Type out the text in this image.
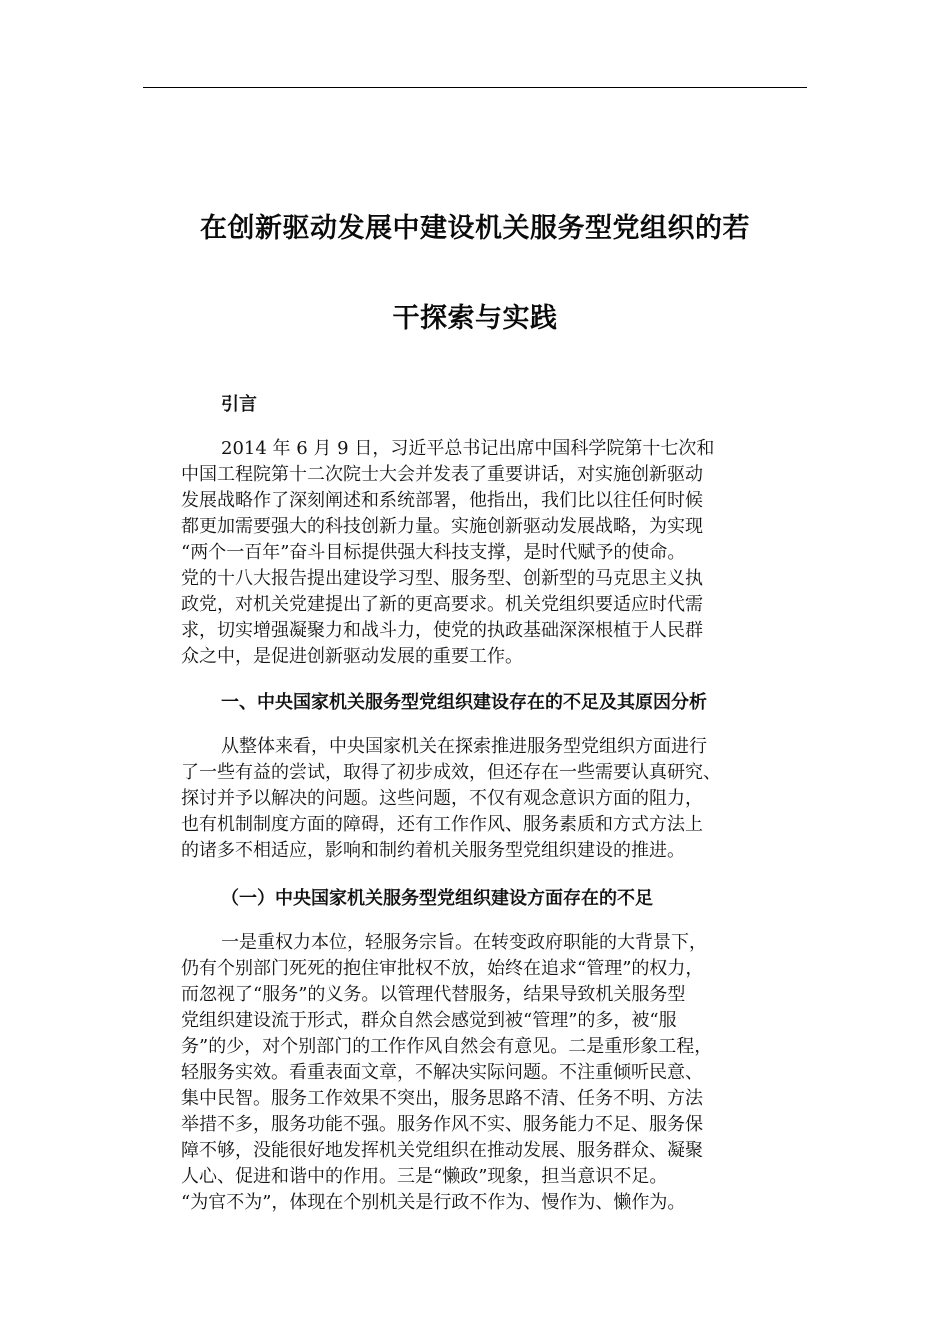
在创新驱动发展中建设机关服务型党组织的若
干探索与实践
引言

2014 年 6 月 9 日，习近平总书记出席中国科学院第十七次和
中国工程院第十二次院士大会并发表了重要讲话，对实施创新驱动
发展战略作了深刻阐述和系统部署，他指出，我们比以往任何时候
都更加需要强大的科技创新力量。实施创新驱动发展战略，为实现
“两个一百年”奋斗目标提供强大科技支撑，是时代赋予的使命。
党的十八大报告提出建设学习型、服务型、创新型的马克思主义执
政党，对机关党建提出了新的更高要求。机关党组织要适应时代需
求，切实增强凝聚力和战斗力，使党的执政基础深深根植于人民群
众之中，是促进创新驱动发展的重要工作。

一、中央国家机关服务型党组织建设存在的不足及其原因分析

从整体来看，中央国家机关在探索推进服务型党组织方面进行
了一些有益的尝试，取得了初步成效，但还存在一些需要认真研究、
探讨并予以解决的问题。这些问题，不仅有观念意识方面的阻力，
也有机制制度方面的障碍，还有工作作风、服务素质和方式方法上
的诸多不相适应，影响和制约着机关服务型党组织建设的推进。

（一）中央国家机关服务型党组织建设方面存在的不足

一是重权力本位，轻服务宗旨。在转变政府职能的大背景下，
仍有个别部门死死的抱住审批权不放，始终在追求“管理”的权力，
而忽视了“服务”的义务。以管理代替服务，结果导致机关服务型
党组织建设流于形式，群众自然会感觉到被“管理”的多，被“服
务”的少，对个别部门的工作作风自然会有意见。二是重形象工程，
轻服务实效。看重表面文章，不解决实际问题。不注重倾听民意、
集中民智。服务工作效果不突出，服务思路不清、任务不明、方法
举措不多，服务功能不强。服务作风不实、服务能力不足、服务保
障不够，没能很好地发挥机关党组织在推动发展、服务群众、凝聚
人心、促进和谐中的作用。三是“懒政”现象，担当意识不足。
“为官不为”，体现在个别机关是行政不作为、慢作为、懒作为。
